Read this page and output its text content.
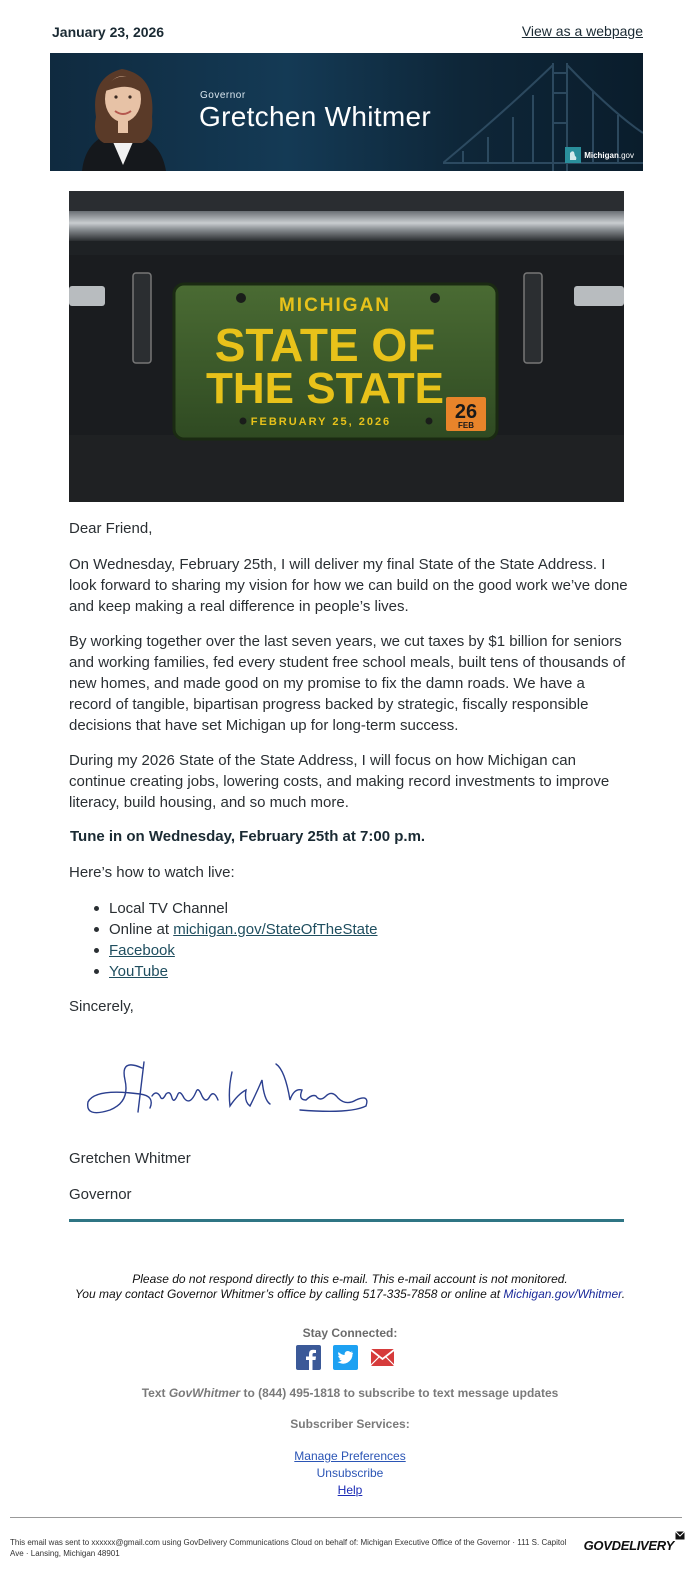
January 23, 2026	View as a webpage
Governor
Gretchen Whitmer
Michigan.gov
MICHIGAN
STATE OF
THE STATE
FEBRUARY 25, 2026	26
FEB
Dear Friend,
On Wednesday, February 25th, I will deliver my final State of the State Address. I look forward to sharing my vision for how we can build on the good work we’ve done and keep making a real difference in people’s lives.
By working together over the last seven years, we cut taxes by $1 billion for seniors and working families, fed every student free school meals, built tens of thousands of new homes, and made good on my promise to fix the damn roads. We have a record of tangible, bipartisan progress backed by strategic, fiscally responsible decisions that have set Michigan up for long-term success.
During my 2026 State of the State Address, I will focus on how Michigan can continue creating jobs, lowering costs, and making record investments to improve literacy, build housing, and so much more.
Tune in on Wednesday, February 25th at 7:00 p.m.
Here’s how to watch live:
Local TV Channel
Online at michigan.gov/StateOfTheState
Facebook
YouTube
Sincerely,
Gretchen Whitmer
Governor
Please do not respond directly to this e-mail. This e-mail account is not monitored.
You may contact Governor Whitmer’s office by calling 517-335-7858 or online at Michigan.gov/Whitmer.
Stay Connected:
Text GovWhitmer to (844) 495-1818 to subscribe to text message updates
Subscriber Services:
Manage Preferences
Unsubscribe
Help
This email was sent to xxxxxx@gmail.com using GovDelivery Communications Cloud on behalf of: Michigan Executive Office of the Governor · 111 S. Capitol Ave · Lansing, Michigan 48901
GOVDELIVERY
